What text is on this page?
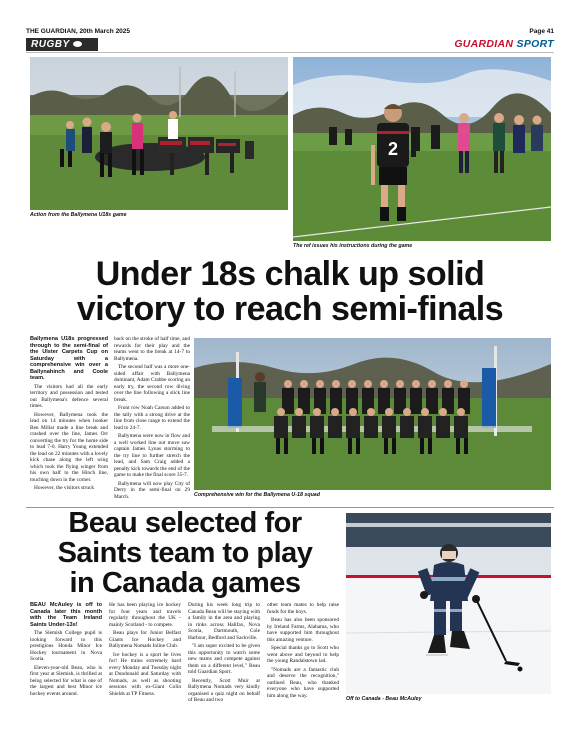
THE GUARDIAN, 20th March 2025	Page 41
RUGBY	GUARDIAN SPORT
Action from the Ballymena U18s game
2
The ref issues his instructions during the game
Under 18s chalk up solid
victory to reach semi-finals

Ballymena U18s progressed through to the semi-final of the Ulster Carpets Cup on Saturday with a comprehensive win over a Ballynahinch and Coole team.

The visitors had all the early territory and possession and tested out Ballymena's defence several times.

However, Ballymena took the lead on 14 minutes when hooker Ben Millar made a line break and crashed over the line, James Orr converting the try for the home side to lead 7-0. Harry Young extended the lead on 22 minutes with a lovely kick chase along the left wing which took the flying winger from his own half to the Hinch line, touching down in the corner.

However, the visitors struck

back on the stroke of half time, and rewards for their play and the teams went to the break at 14-7 to Ballymena.

The second half was a more one-sided affair with Ballymena dominant, Adam Crabbe scoring an early try, the second row diving over the line following a slick line break.

Front row Noah Carson added to the tally with a strong drive at the line from close range to extend the lead to 24-7.

Ballymena were now in flow and a well worked line out move saw captain James Lynas storming to the try line to further stretch the lead, and Sam Craig added a penalty kick towards the end of the game to make the final score 35-7.

Ballymena will now play City of Derry in the semi-final on 29 March.	Comprehensive win for the Ballymena U-18 squad
Beau selected for
Saints team to play
in Canada games

BEAU McAuley is off to Canada later this month with the Team Ireland Saints Under-13s!

The Slemish College pupil is looking forward to this prestigious Honda Minor Ice Hockey tournament in Nova Scotia.

Eleven-year-old Beau, who is first year at Slemish, is thrilled at being selected for what is one of the largest and best Minor ice hockey events around.

He has been playing ice hockey for four years and travels regularly throughout the UK - mainly Scotland - to compete.

Beau plays for Junior Belfast Giants Ice Hockey and Ballymena Nomads Inline Club.

Ice hockey is a sport he lives for! He trains extremely hard every Monday and Tuesday night at Dundonald and Saturday with Nomads, as well as shooting sessions with ex-Giant Colin Shields at TP Fitness.

During his week long trip to Canada Beau will be staying with a family in the area and playing in rinks across Halifax, Nova Scotia, Dartmouth, Cole Harbour, Bedford and Sackville.

"I am super excited to be given this opportunity to watch some new teams and compete against them on a different level," Beau told Guardian Sport.

Recently, Scott Muir at Ballymena Nomads very kindly organised a quiz night on behalf of Beau and two

other team mates to help raise funds for the boys.

Beau has also been sponsored by Ireland Farms, Alabama, who have supported him throughout this amazing venture.

Special thanks go to Scott who went above and beyond to help the young Randalstown lad.

"Nomads are a fantastic club and deserve the recognition," outlined Beau, who thanked everyone who have supported him along the way.

Off to Canada - Beau McAuley
